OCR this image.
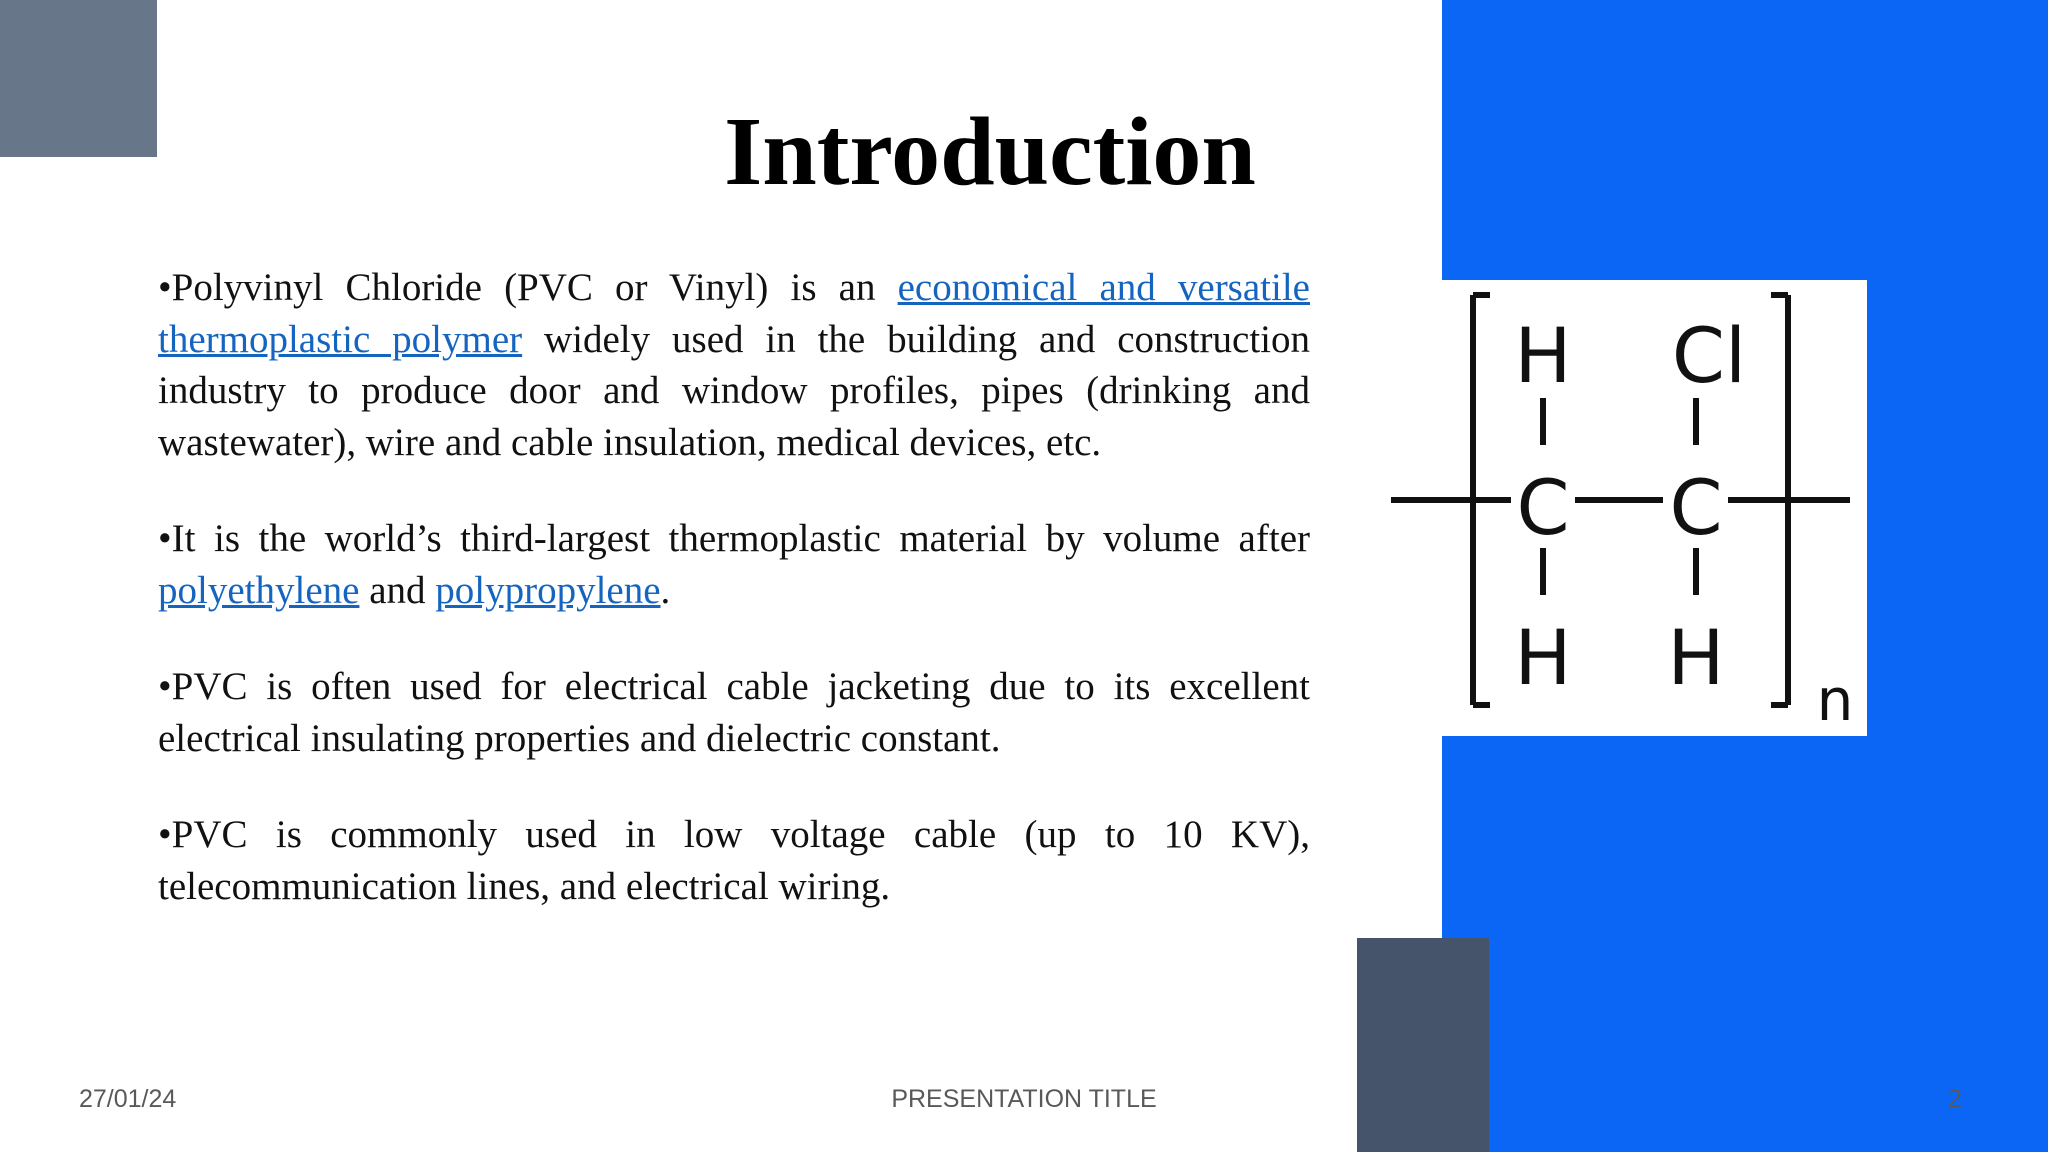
Introduction

•Polyvinyl Chloride (PVC or Vinyl) is an economical and versatile thermoplastic polymer widely used in the building and construction industry to produce door and window profiles, pipes (drinking and wastewater), wire and cable insulation, medical devices, etc.

•It is the world’s third-largest thermoplastic material by volume after polyethylene and polypropylene.

•PVC is often used for electrical cable jacketing due to its excellent electrical insulating properties and dielectric constant.

•PVC is commonly used in low voltage cable (up to 10 KV), telecommunication lines, and electrical wiring.

H Cl
C C
H H n
27/01/24	PRESENTATION TITLE	2
